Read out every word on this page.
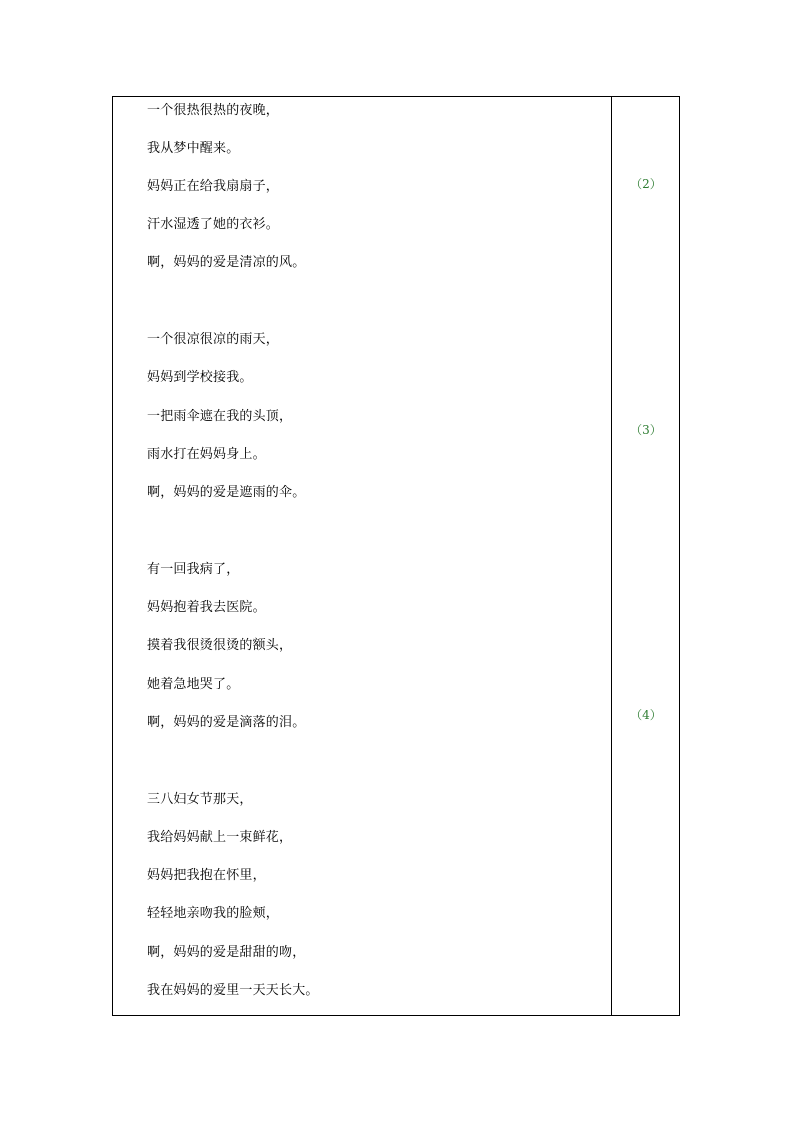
一个很热很热的夜晚，
我从梦中醒来。
妈妈正在给我扇扇子，
汗水湿透了她的衣衫。
啊，妈妈的爱是清凉的风。
（2）
一个很凉很凉的雨天，
妈妈到学校接我。
一把雨伞遮在我的头顶，
雨水打在妈妈身上。
啊，妈妈的爱是遮雨的伞。
（3）
有一回我病了，
妈妈抱着我去医院。
摸着我很烫很烫的额头，
她着急地哭了。
啊，妈妈的爱是滴落的泪。	（4）
三八妇女节那天，
我给妈妈献上一束鲜花，
妈妈把我抱在怀里，
轻轻地亲吻我的脸颊，
啊，妈妈的爱是甜甜的吻，
我在妈妈的爱里一天天长大。
